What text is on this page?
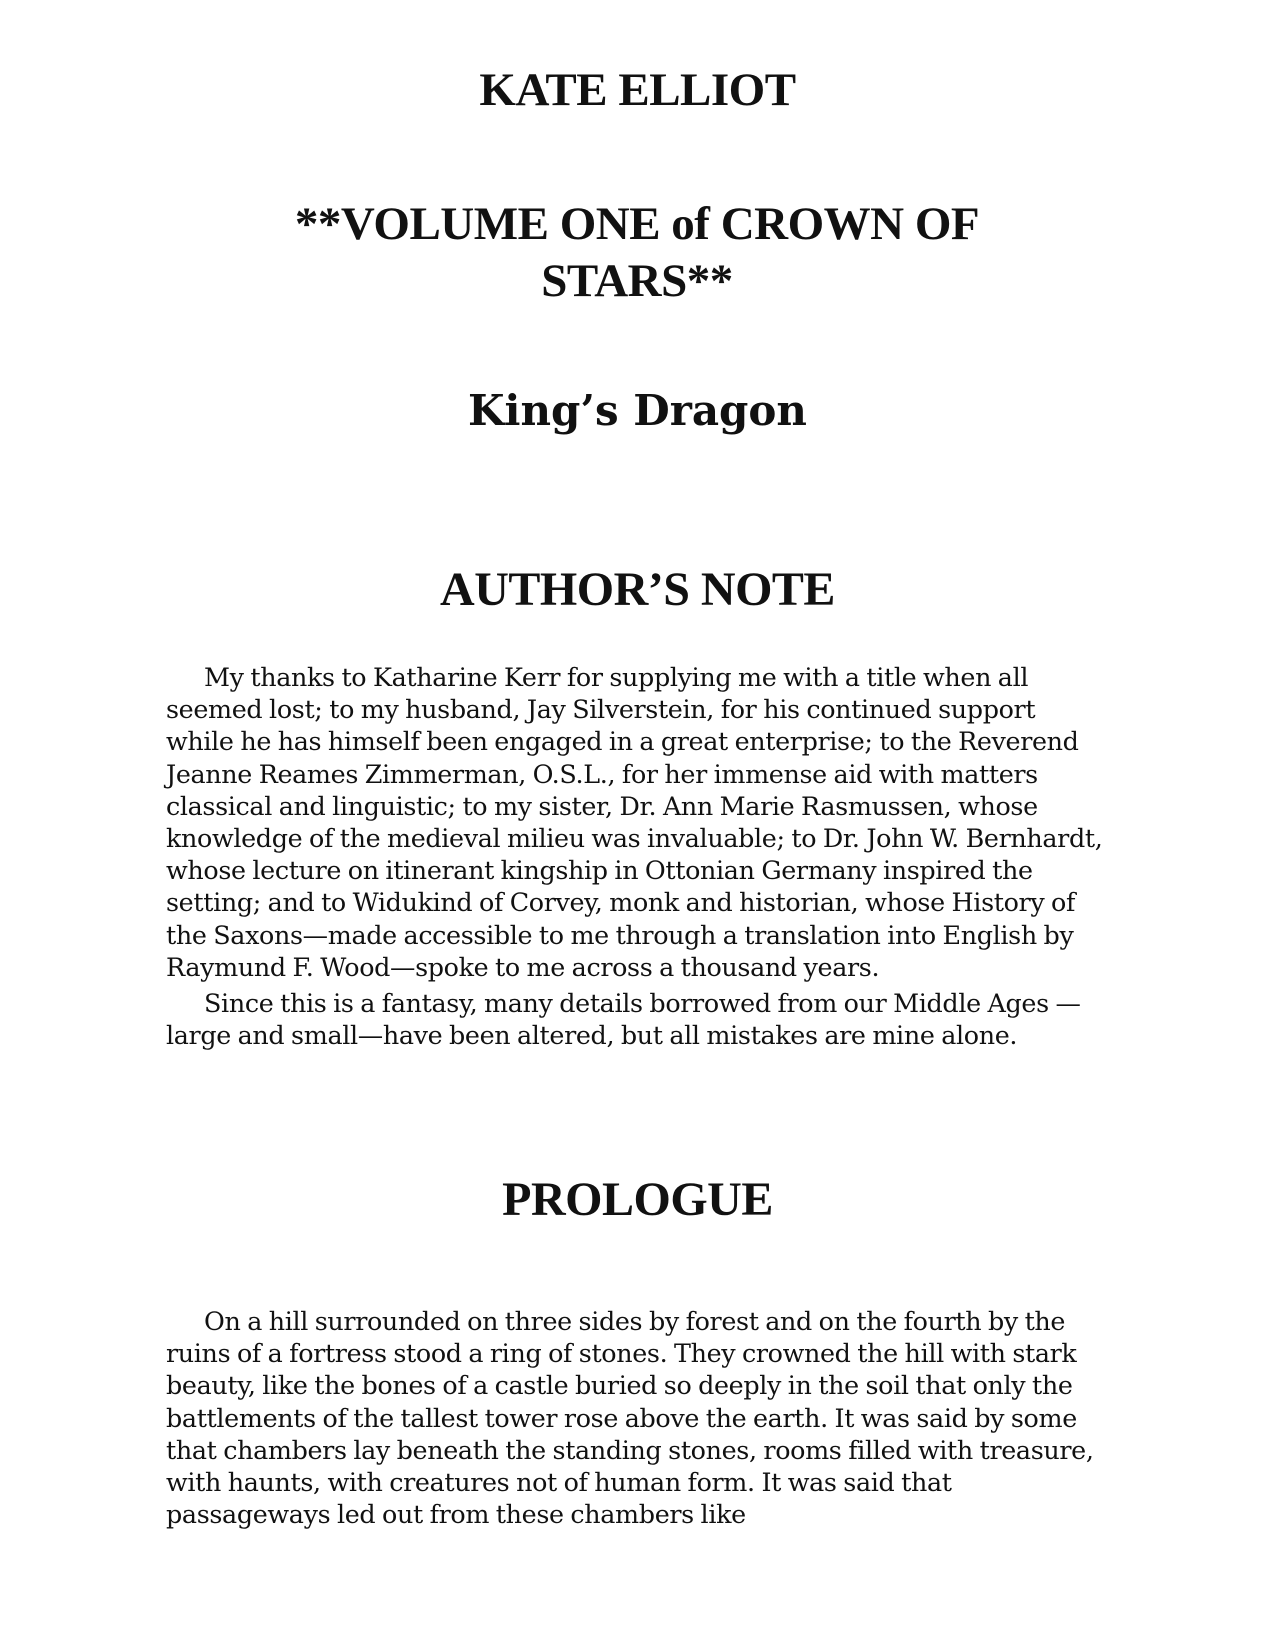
KATE ELLIOT
**VOLUME ONE of CROWN OF STARS**
King’s Dragon
AUTHOR’S NOTE

My thanks to Katharine Kerr for supplying me with a title when all seemed lost; to my husband, Jay Silverstein, for his continued support while he has himself been engaged in a great enterprise; to the Reverend Jeanne Reames Zimmerman, O.S.L., for her immense aid with matters classical and linguistic; to my sister, Dr. Ann Marie Rasmussen, whose knowledge of the medieval milieu was invaluable; to Dr. John W. Bernhardt, whose lecture on itinerant kingship in Ottonian Germany inspired the setting; and to Widukind of Corvey, monk and historian, whose History of the Saxons—made accessible to me through a translation into English by Raymund F. Wood—spoke to me across a thousand years.

Since this is a fantasy, many details borrowed from our Middle Ages —large and small—have been altered, but all mistakes are mine alone.

PROLOGUE

On a hill surrounded on three sides by forest and on the fourth by the ruins of a fortress stood a ring of stones. They crowned the hill with stark beauty, like the bones of a castle buried so deeply in the soil that only the battlements of the tallest tower rose above the earth. It was said by some that chambers lay beneath the standing stones, rooms filled with treasure, with haunts, with creatures not of human form. It was said that passageways led out from these chambers like
